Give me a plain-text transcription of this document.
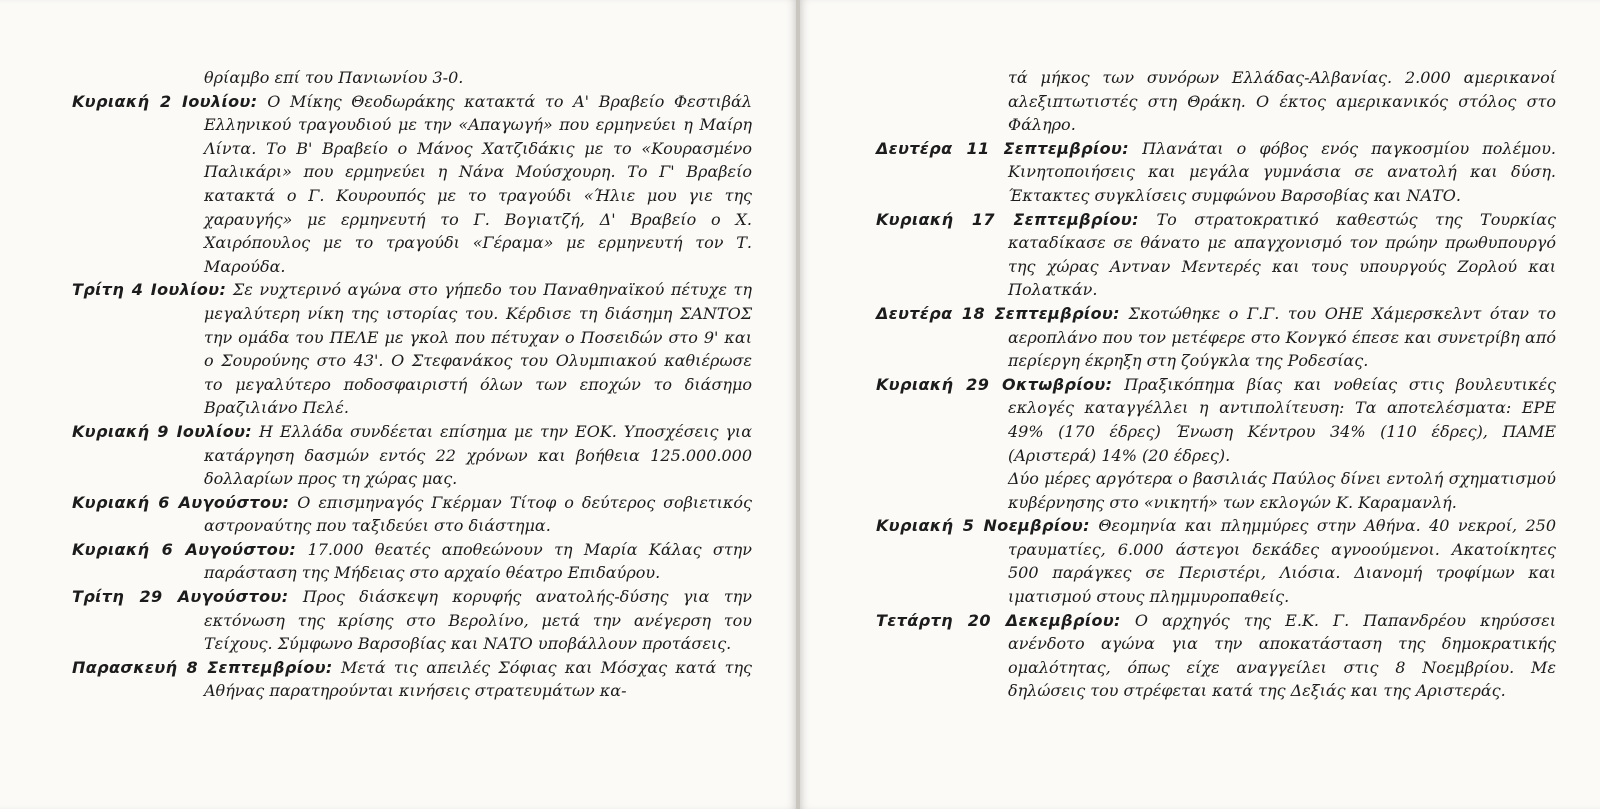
θρίαμβο επί του Πανιωνίου 3-0.

Κυριακή 2 Ιουλίου: Ο Μίκης Θεοδωράκης κατακτά το Α' Βραβείο Φεστιβάλ Ελληνικού τραγουδιού με την «Απαγωγή» που ερμηνεύει η Μαίρη Λίντα. Το Β' Βραβείο ο Μάνος Χατζιδάκις με το «Κουρασμένο Παλικάρι» που ερμηνεύει η Νάνα Μούσχουρη. Το Γ' Βραβείο κατακτά ο Γ. Κουρουπός με το τραγούδι «Ήλιε μου γιε της χαραυγής» με ερμηνευτή το Γ. Βογιατζή, Δ' Βραβείο ο Χ. Χαιρόπουλος με το τραγούδι «Γέραμα» με ερμηνευτή τον Τ. Μαρούδα.

Τρίτη 4 Ιουλίου: Σε νυχτερινό αγώνα στο γήπεδο του Παναθηναϊκού πέτυχε τη μεγαλύτερη νίκη της ιστορίας του. Κέρδισε τη διάσημη ΣΑΝΤΟΣ την ομάδα του ΠΕΛΕ με γκολ που πέτυχαν ο Ποσειδών στο 9' και ο Σουρούνης στο 43'. Ο Στεφανάκος του Ολυμπιακού καθιέρωσε το μεγαλύτερο ποδοσφαιριστή όλων των εποχών το διάσημο Βραζιλιάνο Πελέ.

Κυριακή 9 Ιουλίου: Η Ελλάδα συνδέεται επίσημα με την ΕΟΚ. Υποσχέσεις για κατάργηση δασμών εντός 22 χρόνων και βοήθεια 125.000.000 δολλαρίων προς τη χώρας μας.

Κυριακή 6 Αυγούστου: Ο επισμηναγός Γκέρμαν Τίτοφ ο δεύτερος σοβιετικός αστροναύτης που ταξιδεύει στο διάστημα.

Κυριακή 6 Αυγούστου: 17.000 θεατές αποθεώνουν τη Μαρία Κάλας στην παράσταση της Μήδειας στο αρχαίο θέατρο Επιδαύρου.

Τρίτη 29 Αυγούστου: Προς διάσκεψη κορυφής ανατολής-δύσης για την εκτόνωση της κρίσης στο Βερολίνο, μετά την ανέγερση του Τείχους. Σύμφωνο Βαρσοβίας και ΝΑΤΟ υποβάλλουν προτάσεις.

Παρασκευή 8 Σεπτεμβρίου: Μετά τις απειλές Σόφιας και Μόσχας κατά της Αθήνας παρατηρούνται κινήσεις στρατευμάτων κα-

τά μήκος των συνόρων Ελλάδας-Αλβανίας. 2.000 αμερικανοί αλεξιπτωτιστές στη Θράκη. Ο έκτος αμερικανικός στόλος στο Φάληρο.

Δευτέρα 11 Σεπτεμβρίου: Πλανάται ο φόβος ενός παγκοσμίου πολέμου. Κινητοποιήσεις και μεγάλα γυμνάσια σε ανατολή και δύση. Έκτακτες συγκλίσεις συμφώνου Βαρσοβίας και ΝΑΤΟ.

Κυριακή 17 Σεπτεμβρίου: Το στρατοκρατικό καθεστώς της Τουρκίας καταδίκασε σε θάνατο με απαγχονισμό τον πρώην πρωθυπουργό της χώρας Αντναν Μεντερές και τους υπουργούς Ζορλού και Πολατκάν.

Δευτέρα 18 Σεπτεμβρίου: Σκοτώθηκε ο Γ.Γ. του ΟΗΕ Χάμερσκελντ όταν το αεροπλάνο που τον μετέφερε στο Κονγκό έπεσε και συνετρίβη από περίεργη έκρηξη στη ζούγκλα της Ροδεσίας.

Κυριακή 29 Οκτωβρίου: Πραξικόπημα βίας και νοθείας στις βουλευτικές εκλογές καταγγέλλει η αντιπολίτευση: Τα αποτελέσματα: ΕΡΕ 49% (170 έδρες) Ένωση Κέντρου 34% (110 έδρες), ΠΑΜΕ (Αριστερά) 14% (20 έδρες).
Δύο μέρες αργότερα ο βασιλιάς Παύλος δίνει εντολή σχηματισμού κυβέρνησης στο «νικητή» των εκλογών Κ. Καραμανλή.

Κυριακή 5 Νοεμβρίου: Θεομηνία και πλημμύρες στην Αθήνα. 40 νεκροί, 250 τραυματίες, 6.000 άστεγοι δεκάδες αγνοούμενοι. Ακατοίκητες 500 παράγκες σε Περιστέρι, Λιόσια. Διανομή τροφίμων και ιματισμού στους πλημμυροπαθείς.

Τετάρτη 20 Δεκεμβρίου: Ο αρχηγός της Ε.Κ. Γ. Παπανδρέου κηρύσσει ανένδοτο αγώνα για την αποκατάσταση της δημοκρατικής ομαλότητας, όπως είχε αναγγείλει στις 8 Νοεμβρίου. Με δηλώσεις του στρέφεται κατά της Δεξιάς και της Αριστεράς.
